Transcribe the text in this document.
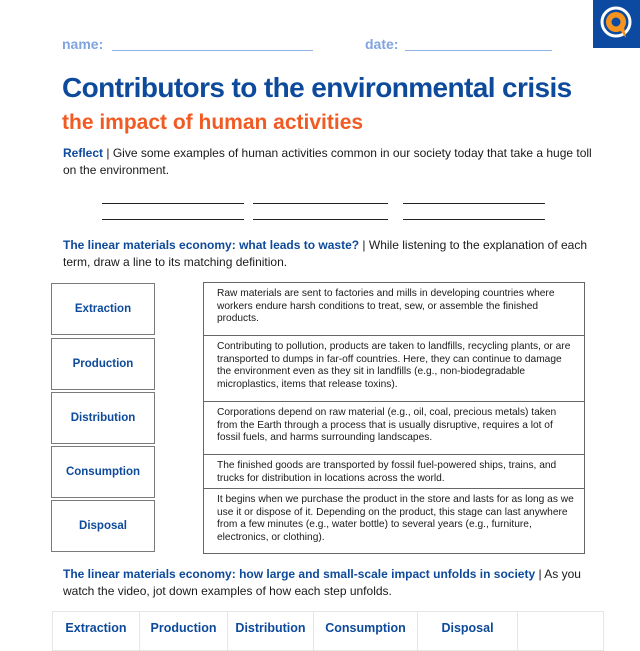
name:	date:
Contributors to the environmental crisis
the impact of human activities
Reflect | Give some examples of human activities common in our society today that take a huge toll on the environment.
The linear materials economy: what leads to waste? | While listening to the explanation of each term, draw a line to its matching definition.
Extraction
Production
Distribution
Consumption
Disposal
Raw materials are sent to factories and mills in developing countries where workers endure harsh conditions to treat, sew, or assemble the finished products.
Contributing to pollution, products are taken to landfills, recycling plants, or are transported to dumps in far-off countries. Here, they can continue to damage the environment even as they sit in landfills (e.g., non-biodegradable microplastics, items that release toxins).
Corporations depend on raw material (e.g., oil, coal, precious metals) taken from the Earth through a process that is usually disruptive, requires a lot of fossil fuels, and harms surrounding landscapes.
The finished goods are transported by fossil fuel-powered ships, trains, and trucks for distribution in locations across the world.
It begins when we purchase the product in the store and lasts for as long as we use it or dispose of it. Depending on the product, this stage can last anywhere from a few minutes (e.g., water bottle) to several years (e.g., furniture, electronics, or clothing).
The linear materials economy: how large and small-scale impact unfolds in society | As you watch the video, jot down examples of how each step unfolds.
Extraction	Production	Distribution	Consumption	Disposal
